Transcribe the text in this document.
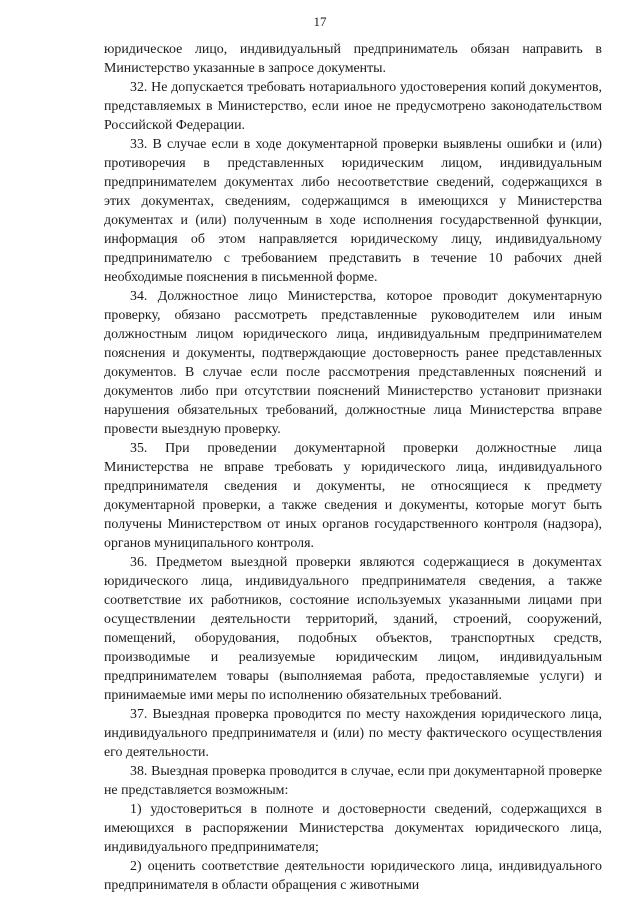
17

юридическое лицо, индивидуальный предприниматель обязан направить в Министерство указанные в запросе документы.

32. Не допускается требовать нотариального удостоверения копий документов, представляемых в Министерство, если иное не предусмотрено законодательством Российской Федерации.

33. В случае если в ходе документарной проверки выявлены ошибки и (или) противоречия в представленных юридическим лицом, индивидуальным предпринимателем документах либо несоответствие сведений, содержащихся в этих документах, сведениям, содержащимся в имеющихся у Министерства документах и (или) полученным в ходе исполнения государственной функции, информация об этом направляется юридическому лицу, индивидуальному предпринимателю с требованием представить в течение 10 рабочих дней необходимые пояснения в письменной форме.

34. Должностное лицо Министерства, которое проводит документарную проверку, обязано рассмотреть представленные руководителем или иным должностным лицом юридического лица, индивидуальным предпринимателем пояснения и документы, подтверждающие достоверность ранее представленных документов. В случае если после рассмотрения представленных пояснений и документов либо при отсутствии пояснений Министерство установит признаки нарушения обязательных требований, должностные лица Министерства вправе провести выездную проверку.

35. При проведении документарной проверки должностные лица Министерства не вправе требовать у юридического лица, индивидуального предпринимателя сведения и документы, не относящиеся к предмету документарной проверки, а также сведения и документы, которые могут быть получены Министерством от иных органов государственного контроля (надзора), органов муниципального контроля.

36. Предметом выездной проверки являются содержащиеся в документах юридического лица, индивидуального предпринимателя сведения, а также соответствие их работников, состояние используемых указанными лицами при осуществлении деятельности территорий, зданий, строений, сооружений, помещений, оборудования, подобных объектов, транспортных средств, производимые и реализуемые юридическим лицом, индивидуальным предпринимателем товары (выполняемая работа, предоставляемые услуги) и принимаемые ими меры по исполнению обязательных требований.

37. Выездная проверка проводится по месту нахождения юридического лица, индивидуального предпринимателя и (или) по месту фактического осуществления его деятельности.

38. Выездная проверка проводится в случае, если при документарной проверке не представляется возможным:

1) удостовериться в полноте и достоверности сведений, содержащихся в имеющихся в распоряжении Министерства документах юридического лица, индивидуального предпринимателя;

2) оценить соответствие деятельности юридического лица, индивидуального предпринимателя в области обращения с животными
